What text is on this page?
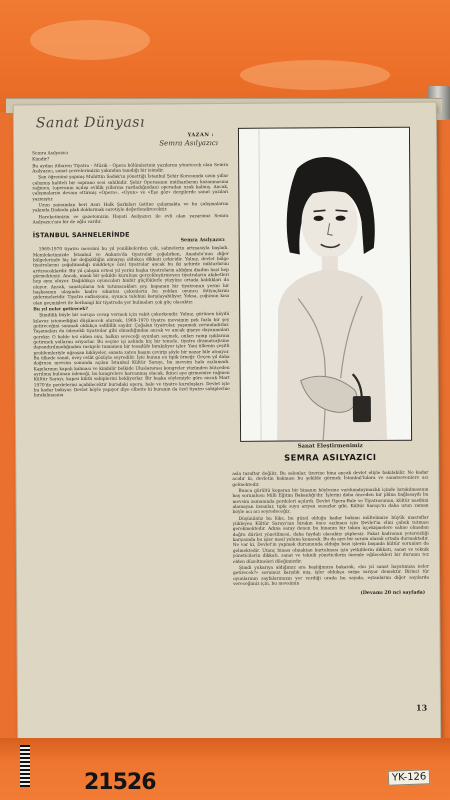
Sanat Dünyası
YAZAN :
Semra Asılyazıcı

Semra Asılyazıcı

Kimdir?

Bu aydan itibaren Tiyatro - Müzik - Opera bölümlerinin yazılarını yönetecek olan Semra Asılyazıcı, sanat çevrelerimizin yakından tanıdığı bir isimdir.

Şan öğrenimi yapmış Muhittin Sadak'ın yönettiği İstanbul Şehir Korosunda uzun yıllar çalışmış kaliteli bir soprano sesi sahibidir. Şehir Operasının imtihanlarını kazanmasına rağmen, (operanın açılışı evlilik yıllarına rastladığından) operadan uzak kalmış. Ancak, çalışmalarını devam ettirmiş «Opera», «Oyun» ve «Eşe göz» dergilerde sanat yazıları yazmıştır.

Uzun zamandan beri Asırı Halk Şarkıları üstüne çalışmakta ve bu çalışmalarını yakında Diskoda plak doldurmak suretiyle değerlendirecektir.

Hareketimizin ve gazetemizin Hayati Asılyazıcı ile evli olan yazarımız Semra Asılyazıcı'nın bir de oğlu vardır.

İSTANBUL SAHNELERİNDE
Semra Asılyazıcı

1969-1970 tiyatro mevsimi bu yıl yenilikelerden çok, sahnelerin artmasıyla başladı. Memleketimizde İstanbul ve Ankara'da tiyatrolar çoğalırken, Anadolu'nun diğer bölgelerinde hiç bir değişikliğin olmayışı oldukça dikkati çekicidir. Yalnız, devlet bölge tiyatrolarını çoğaltmadığı müddetçe özel tiyatrolar ancak bu iki şehirde miktarlarını arttıracaklardır. Bir yıl çalışan ertesi yıl yerini başka tiyatroların aldığını diadim hazi hep görmekteyiz. Ancak, maalı bir şekilde kuruluşu gerçekleştirmeyen tiyatroların akıbetleri hep aynı oluyor. Dağıldıkça oyuncuları binbir güçlüklerle yüzyüze ortada kaldıkları da oluyor. Ancak, sanatçıların tek tutunacakları şey, kapanan bir tiyatronun yerini bir başkasının ulaşında kadro sıkıntısı çekenlerin bu yoldan oyuncu ihtiyaçlarını gidermeleridir. Tiyatro enflasyonu, oyuncu talebini karşılayabiliyor. Yoksa, çoğunun kısa olan geçmişleri ile herhangi bir tiyatroda yer bulmaları çok güç olacaktır.

Bu yıl neler getirecek?

Şimdilik böyle bir soruya cevap vermek için vakit çokerkendir. Yalnız, görünen köydü kılavuz istemediğini düşünecek olursak, 1969-1970 tiyatro mevsimin pek fazla bir şey getireceğini sanmak oldukça safdillik sayılır. Çoğalan tiyatrolar, yaşamak zorundadırlar. Yaşamaları da ödenekli tiyatrolar gibi olmadığından ancak ve ancak gişeye dayanmaları gerekir. O halde tez elden onu, halkın seveceği oyunları seçmek, onları ramp ışıklarına getirmek yollarını arıyorlar. Bu seçme işi aslında hiç bir temele, tiyatro dramaturjisine dayandırılmadığından rastgele tamamen bir tesadüfe bırakılıyor işler. Yani ülkenin çeşitli problemleriyle uğraşan hikâyeler, sanata zaten başını çevirip şöyle bir nazar bile atmıyor. Bu ülkede sanat, övey evlât gözüyle seyredilir. İşte bunun en tipik örneği: Geçen yıl daha doğrusu mevsim sonunda açılan İstanbul Kültür Sarayı, bu mevsim hala açılamadı. Kapılarının kapalı kalması ve kimbilir belkide Uluslararası kongreler yüzünden bütçeden ayrılmış bulunan ödeneği, bu kongrelere harcanmış olacak, ikinci aya girmemize rağmen Kültür Sarayı, kapısı kilitli sahiplerini bekliyorlar. Bir başka söylemiyle göre ancak Mart 1970'de perdelerini açabilecektir buradaki opera, bale ve tiyatro kuruluşları. Devlet işte bu kadar bakıyor. Devlet böyle yapıyor diye elbette ki buranın da özel tiyatro sahiplerine bırakılmasına

Sanat Eleştirmenimiz
SEMRA ASILYAZICI

asla taraftar değiliz. Bu salonlar, üzerine bina ancak devlet eliyle bakılabilir. Ne kadar acıdır ki, devletin bakması bu şekilde görmek İstanbul'lulara ve sanatsevenlere acı gelmektedir.

Bunca gürültü koparan bir binanın böylesine vurdumduymazlık içinde bırakılmasının baş sorumlusu Milli Eğitim Bakanlığı'dır. İşlerini daha önceden bir plâna bağlasaydı bu mevsim zamanında perdeleri açılırdı. Devlet Opera-Bale ve Tiyatrosunun, kültür nasibini alamayan insanlar, tıpkı suyu arıyan susuzlar gibi, Kültür Sarayı'nı daha uzun zaman böyle acı acı seyredeceğiz.

Düşününüz bu lüks, bu güzel olduğu kadar bakımı mültelimize büyük masraflar yükleyen Kültür Sarayı'nın birakın önce açılması için Devlet'in elini çabuk tutması gerekmektedir. Adına saray denen bu binanın bir takım iççekişmelere sahne olmadan doğru dürüst yönetilmesi, daha faydalı olacaktır şüphesiz. Fakat kadronun yetersizliği karşısında bu işler nasıl yoluna konacak. Bu da ayrı bir sorum olarak ortada durmaktadır. Ne var ki, Devlet'in yapmak durumunda olduğu bazı işlerin başında kültür sorunları da gelmektedir. Utanç binası olmaktan kurtulması için yetkililerin dikkati, sanat ve teknik yöneticilerin dikkati, sanat ve teknik yöneticilerin önemle eğilecekleri bir durumu tez elden düzeltmeleri dileğimizdir.

Şimdi yukarıya aldığımız ara başlığımıza bakarak, «bu yıl sanat hayatımıza neler getirecek?» sorumuz karşılık mış, işler oldukça sarpa sarıyor demektir. Birinci tür oyunlarının sayfalarımızın yer verdiği orada bu sayıda, eştanlarını diğer sayılarda vereceğimiz için, bu mevsimin

(Devamı 20 nci sayfada)
13
21526	YK-126
